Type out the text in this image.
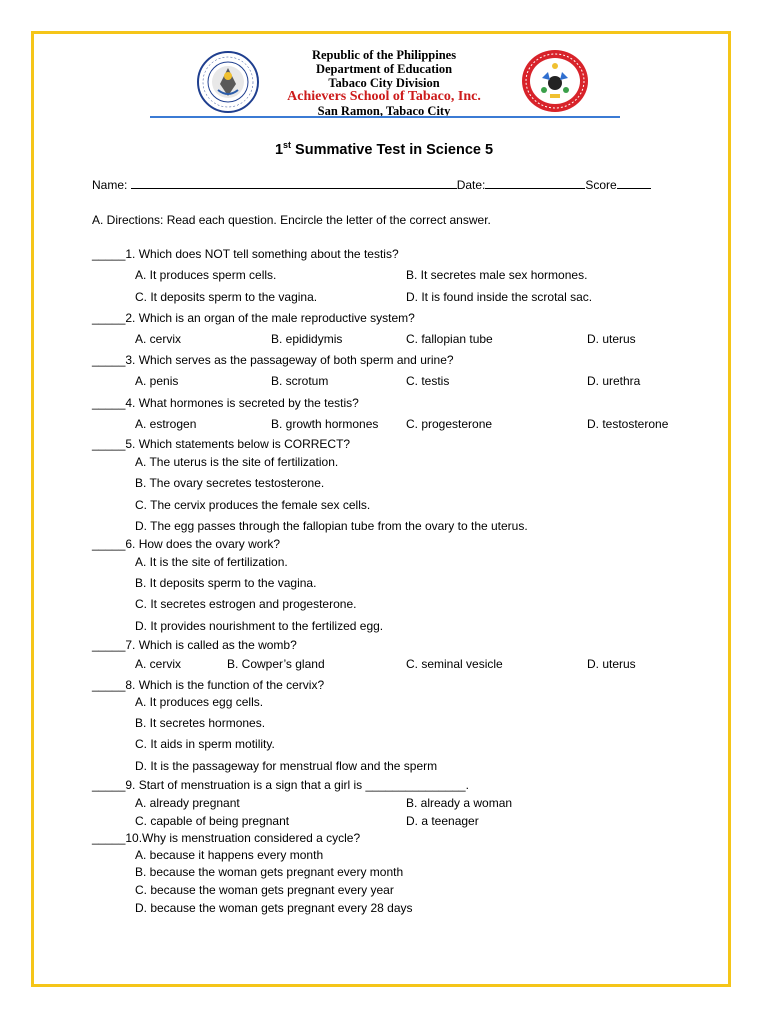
Republic of the Philippines
Department of Education
Tabaco City Division
Achievers School of Tabaco, Inc.
San Ramon, Tabaco City
1st Summative Test in Science 5
Name:	Date:	Score
A. Directions: Read each question. Encircle the letter of the correct answer.
_____1. Which does NOT tell something about the testis?
A. It produces sperm cells.	B. It secretes male sex hormones.
C. It deposits sperm to the vagina.	D. It is found inside the scrotal sac.
_____2. Which is an organ of the male reproductive system?
A. cervix	B. epididymis	C. fallopian tube	D. uterus
_____3. Which serves as the passageway of both sperm and urine?
A. penis	B. scrotum	C. testis	D. urethra
_____4. What hormones is secreted by the testis?
A. estrogen	B. growth hormones C. progesterone	D. testosterone
_____5. Which statements below is CORRECT?
A. The uterus is the site of fertilization.
B. The ovary secretes testosterone.
C. The cervix produces the female sex cells.
D. The egg passes through the fallopian tube from the ovary to the uterus.
_____6. How does the ovary work?
A. It is the site of fertilization.
B. It deposits sperm to the vagina.
C. It secretes estrogen and progesterone.
D. It provides nourishment to the fertilized egg.
_____7. Which is called as the womb?
A. cervix	B. Cowper’s gland	C. seminal vesicle	D. uterus
_____8. Which is the function of the cervix?
A. It produces egg cells.
B. It secretes hormones.
C. It aids in sperm motility.
D. It is the passageway for menstrual flow and the sperm
_____9. Start of menstruation is a sign that a girl is _______________.
A. already pregnant	B. already a woman
C. capable of being pregnant	D. a teenager
_____10.Why is menstruation considered a cycle?
A. because it happens every month
B. because the woman gets pregnant every month
C. because the woman gets pregnant every year
D. because the woman gets pregnant every 28 days
